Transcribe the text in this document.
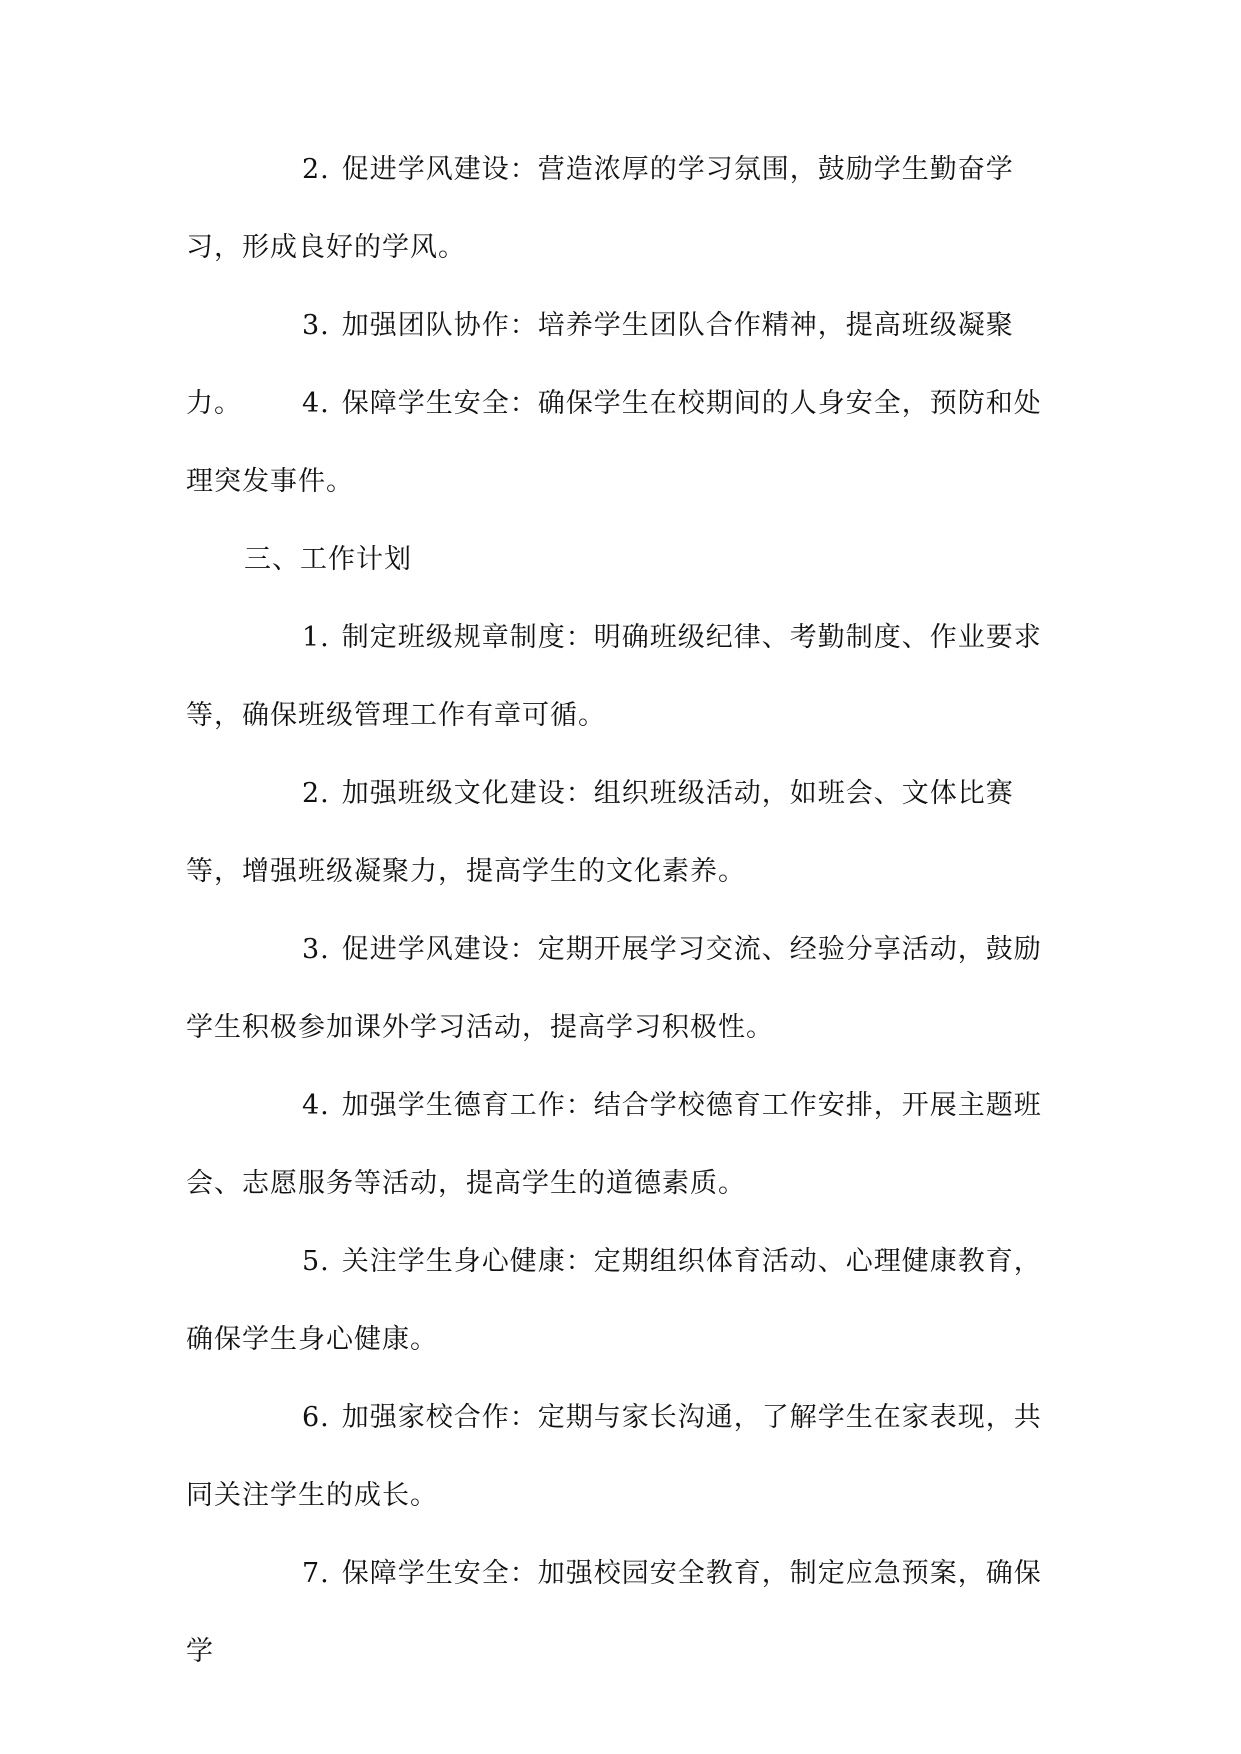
2. 促进学风建设：营造浓厚的学习氛围，鼓励学生勤奋学习，形成良好的学风。

3. 加强团队协作：培养学生团队合作精神，提高班级凝聚力。	4. 保障学生安全：确保学生在校期间的人身安全，预防和处理突发事件。

三、工作计划

1. 制定班级规章制度：明确班级纪律、考勤制度、作业要求等，确保班级管理工作有章可循。

2. 加强班级文化建设：组织班级活动，如班会、文体比赛等，增强班级凝聚力，提高学生的文化素养。

3. 促进学风建设：定期开展学习交流、经验分享活动，鼓励学生积极参加课外学习活动，提高学习积极性。

4. 加强学生德育工作：结合学校德育工作安排，开展主题班会、志愿服务等活动，提高学生的道德素质。

5. 关注学生身心健康：定期组织体育活动、心理健康教育，确保学生身心健康。

6. 加强家校合作：定期与家长沟通，了解学生在家表现，共同关注学生的成长。

7. 保障学生安全：加强校园安全教育，制定应急预案，确保学
